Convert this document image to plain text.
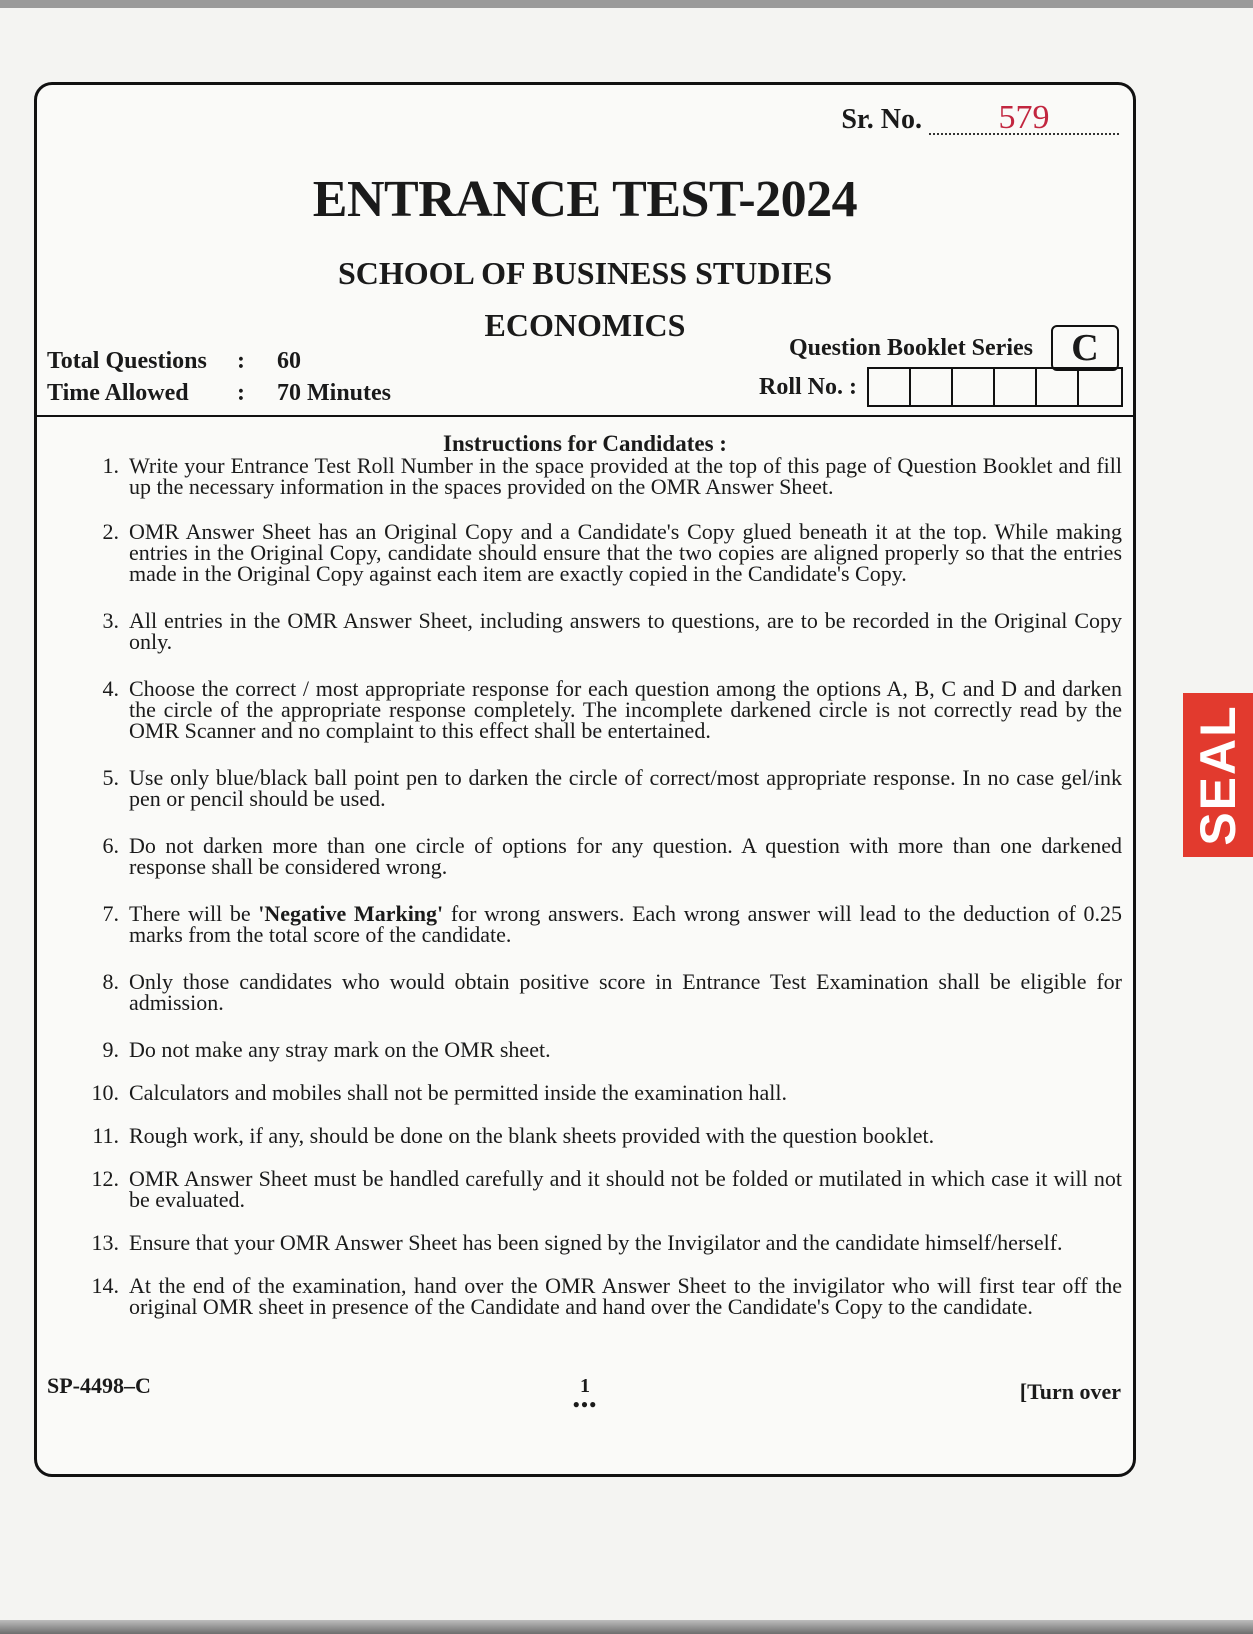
Sr. No. 579
ENTRANCE TEST-2024
SCHOOL OF BUSINESS STUDIES
ECONOMICS
Question Booklet Series	C
Total Questions	:	60
Time Allowed	:	70 Minutes	Roll No. :
Instructions for Candidates :
1. Write your Entrance Test Roll Number in the space provided at the top of this page of Question Booklet and fill up the necessary information in the spaces provided on the OMR Answer Sheet.
2. OMR Answer Sheet has an Original Copy and a Candidate's Copy glued beneath it at the top. While making entries in the Original Copy, candidate should ensure that the two copies are aligned properly so that the entries made in the Original Copy against each item are exactly copied in the Candidate's Copy.
3. All entries in the OMR Answer Sheet, including answers to questions, are to be recorded in the Original Copy only.
4. Choose the correct / most appropriate response for each question among the options A, B, C and D and darken the circle of the appropriate response completely. The incomplete darkened circle is not correctly read by the OMR Scanner and no complaint to this effect shall be entertained.
5. Use only blue/black ball point pen to darken the circle of correct/most appropriate response. In no case gel/ink pen or pencil should be used.
6. Do not darken more than one circle of options for any question. A question with more than one darkened response shall be considered wrong.
7. There will be 'Negative Marking' for wrong answers. Each wrong answer will lead to the deduction of 0.25 marks from the total score of the candidate.
8. Only those candidates who would obtain positive score in Entrance Test Examination shall be eligible for admission.
9. Do not make any stray mark on the OMR sheet.
10. Calculators and mobiles shall not be permitted inside the examination hall.
11. Rough work, if any, should be done on the blank sheets provided with the question booklet.
12. OMR Answer Sheet must be handled carefully and it should not be folded or mutilated in which case it will not be evaluated.
13. Ensure that your OMR Answer Sheet has been signed by the Invigilator and the candidate himself/herself.
14. At the end of the examination, hand over the OMR Answer Sheet to the invigilator who will first tear off the original OMR sheet in presence of the Candidate and hand over the Candidate's Copy to the candidate.
SP-4498–C	1
●●●	[Turn over
SEAL
